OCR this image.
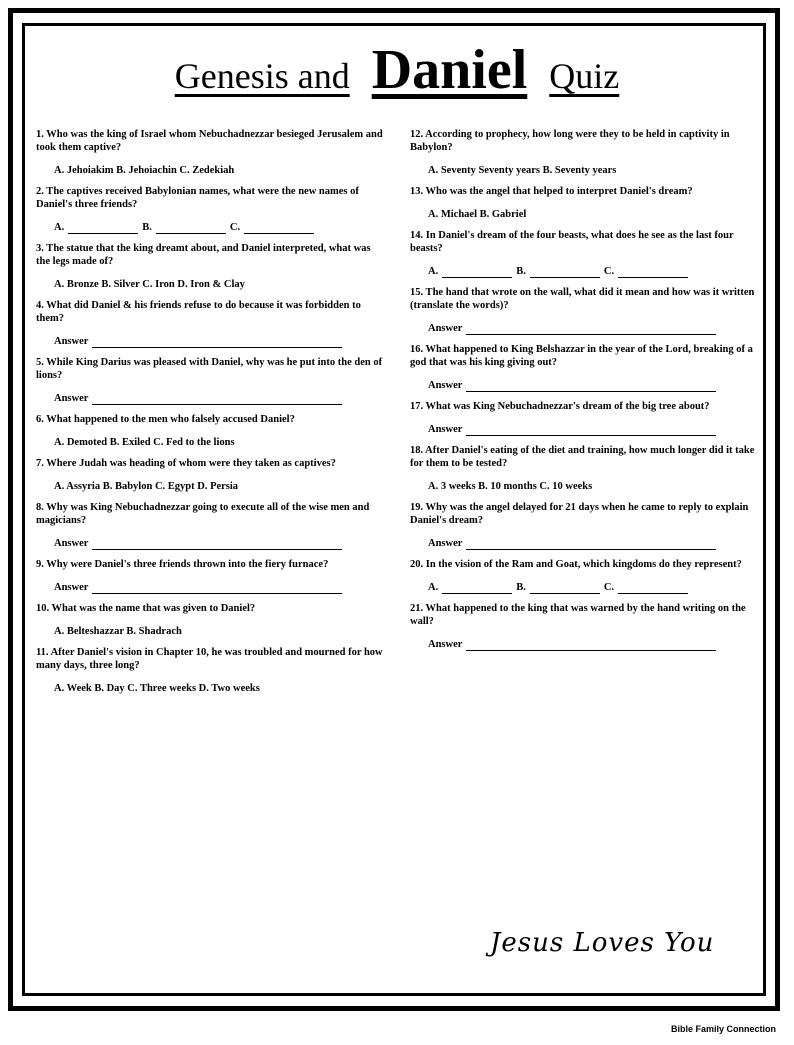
Genesis and Daniel Quiz
1. Who was the king of Israel whom Nebuchadnezzar besieged Jerusalem and took them captive?
A. Jehoiakim B. Jehoiachin C. Zedekiah
2. The captives received Babylonian names, what were the new names of Daniel's three friends?
A.	B.	C.
3. The statue that the king dreamt about, and Daniel interpreted, what was the legs made of?
A. Bronze B. Silver C. Iron D. Iron & Clay
4. What did Daniel & his friends refuse to do because it was forbidden to them?
Answer
5. While King Darius was pleased with Daniel, why was he put into the den of lions?
Answer
6. What happened to the men who falsely accused Daniel?
A. Demoted B. Exiled C. Fed to the lions
7. Where Judah was heading of whom were they taken as captives?
A. Assyria B. Babylon C. Egypt D. Persia
8. Why was King Nebuchadnezzar going to execute all of the wise men and magicians?
Answer
9. Why were Daniel's three friends thrown into the fiery furnace?
Answer
10. What was the name that was given to Daniel?
A. Belteshazzar B. Shadrach
11. After Daniel's vision in Chapter 10, he was troubled and mourned for how many days, three long?
A. Week B. Day C. Three weeks D. Two weeks
12. According to prophecy, how long were they to be held in captivity in Babylon?
A. Seventy Seventy years B. Seventy years
13. Who was the angel that helped to interpret Daniel's dream?
A. Michael B. Gabriel
14. In Daniel's dream of the four beasts, what does he see as the last four beasts?
A.	B.	C.
15. The hand that wrote on the wall, what did it mean and how was it written (translate the words)?
Answer
16. What happened to King Belshazzar in the year of the Lord, breaking of a god that was his king giving out?
Answer
17. What was King Nebuchadnezzar's dream of the big tree about?
Answer
18. After Daniel's eating of the diet and training, how much longer did it take for them to be tested?
A. 3 weeks B. 10 months C. 10 weeks
19. Why was the angel delayed for 21 days when he came to reply to explain Daniel's dream?
Answer
20. In the vision of the Ram and Goat, which kingdoms do they represent?
A.	B.	C.
21. What happened to the king that was warned by the hand writing on the wall?
Answer
Jesus Loves You
Bible Family Connection
